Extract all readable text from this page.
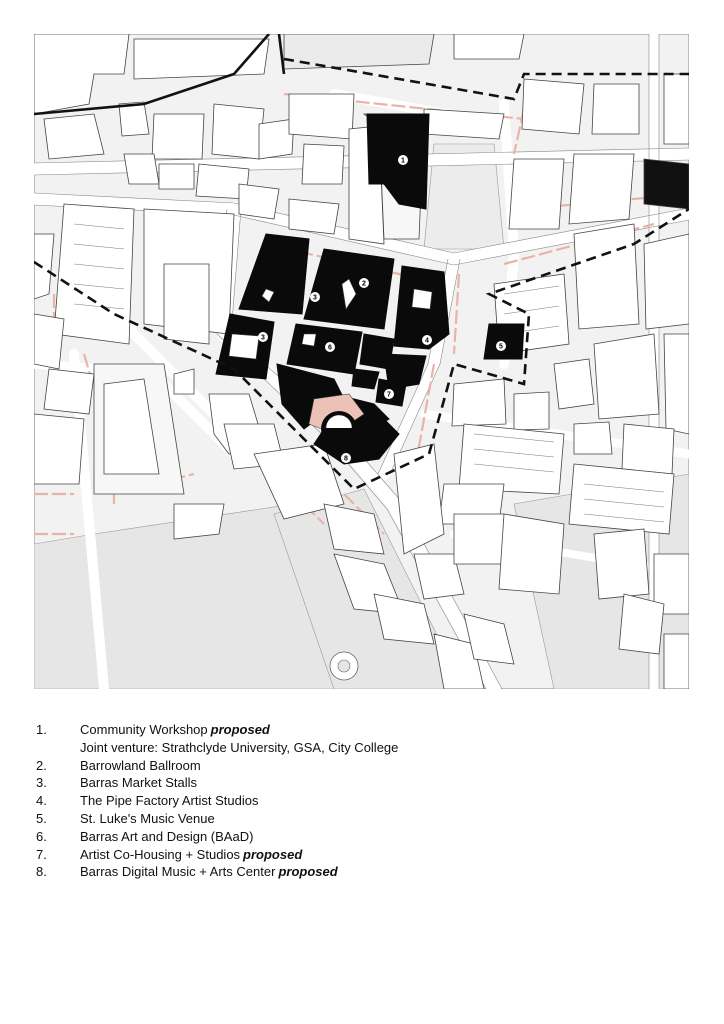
1
2
3
3	4
5
6
7
8
1.	Community Workshop proposed
Joint venture: Strathclyde University, GSA, City College
2.	Barrowland Ballroom
3.	Barras Market Stalls
4.	The Pipe Factory Artist Studios
5.	St. Luke's Music Venue
6.	Barras Art and Design (BAaD)
7.	Artist Co-Housing + Studios proposed
8.	Barras Digital Music + Arts Center proposed
